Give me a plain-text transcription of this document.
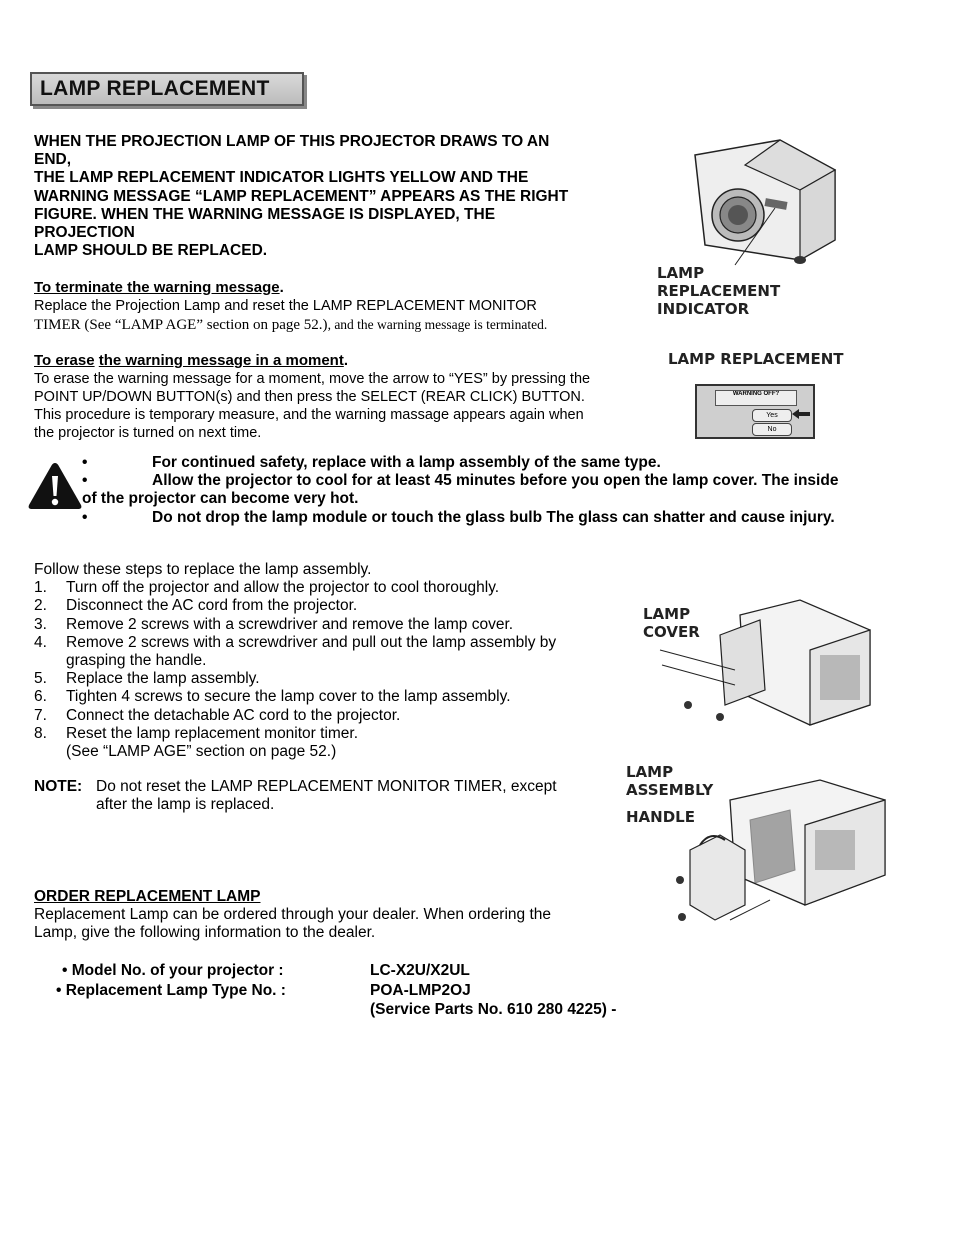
LAMP REPLACEMENT
WHEN THE PROJECTION LAMP OF THIS PROJECTOR DRAWS TO AN
END,
THE LAMP REPLACEMENT INDICATOR LIGHTS YELLOW AND THE
WARNING MESSAGE “LAMP REPLACEMENT” APPEARS AS THE RIGHT
FIGURE. WHEN THE WARNING MESSAGE IS DISPLAYED, THE
PROJECTION
LAMP SHOULD BE REPLACED.
To terminate the warning message.
Replace the Projection Lamp and reset the LAMP REPLACEMENT MONITOR
TIMER (See “LAMP AGE” section on page 52.), and the warning message is terminated.
To erase the warning message in a moment.
To erase the warning message for a moment, move the arrow to “YES” by pressing the
POINT UP/DOWN BUTTON(s) and then press the SELECT (REAR CLICK) BUTTON.
This procedure is temporary measure, and the warning massage appears again when
the projector is turned on next time.
•	For continued safety, replace with a lamp assembly of the same type.
•	Allow the projector to cool for at least 45 minutes before you open the lamp cover. The inside
of the projector can become very hot.
•	Do not drop the lamp module or touch the glass bulb The glass can shatter and cause injury.
Follow these steps to replace the lamp assembly.
1. Turn off the projector and allow the projector to cool thoroughly.
2. Disconnect the AC cord from the projector.
3. Remove 2 screws with a screwdriver and remove the lamp cover.
4. Remove 2 screws with a screwdriver and pull out the lamp assembly by grasping the handle.
5. Replace the lamp assembly.
6. Tighten 4 screws to secure the lamp cover to the lamp assembly.
7. Connect the detachable AC cord to the projector.
8. Reset the lamp replacement monitor timer.
(See “LAMP AGE” section on page 52.)
NOTE: Do not reset the LAMP REPLACEMENT MONITOR TIMER, except
after the lamp is replaced.
ORDER REPLACEMENT LAMP
Replacement Lamp can be ordered through your dealer. When ordering the
Lamp, give the following information to the dealer.
• Model No. of your projector :	LC-X2U/X2UL
• Replacement Lamp Type No. :	POA-LMP2OJ
(Service Parts No. 610 280 4225) -
LAMP
REPLACEMENT
INDICATOR
LAMP REPLACEMENT
WARNING OFF?
Yes
No
LAMP
COVER
LAMP
ASSEMBLY
HANDLE
